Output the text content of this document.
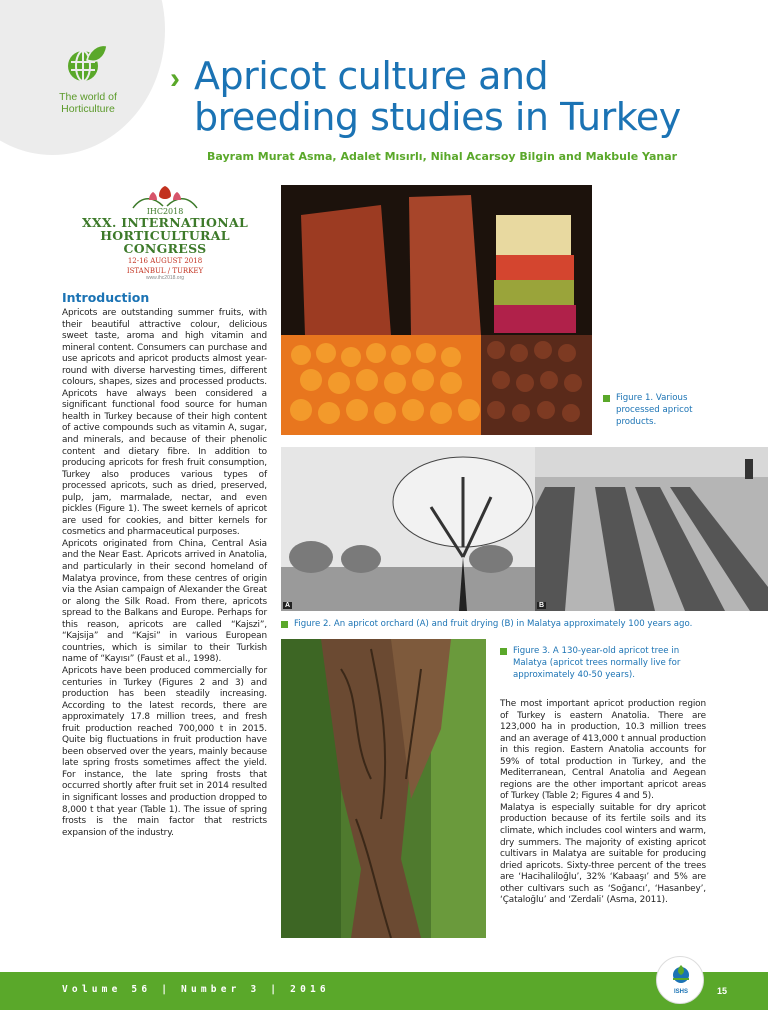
The world of Horticulture
› Apricot culture and
breeding studies in Turkey
Bayram Murat Asma, Adalet Mısırlı, Nihal Acarsoy Bilgin and Makbule Yanar
IHC2018
XXX. INTERNATIONAL
HORTICULTURAL CONGRESS
12-16 AUGUST 2018
ISTANBUL / TURKEY
www.ihc2018.org
Introduction

Apricots are outstanding summer fruits, with their beautiful attractive colour, delicious sweet taste, aroma and high vitamin and mineral content. Consumers can purchase and use apricots and apricot products almost year-round with diverse harvesting times, different colours, shapes, sizes and processed products. Apricots have always been considered a significant functional food source for human health in Turkey because of their high content of active compounds such as vitamin A, sugar, and minerals, and because of their phenolic content and dietary fibre. In addition to producing apricots for fresh fruit consumption, Turkey also produces various types of processed apricots, such as dried, preserved, pulp, jam, marmalade, nectar, and even pickles (Figure 1). The sweet kernels of apricot are used for cookies, and bitter kernels for cosmetics and pharmaceutical purposes.

Apricots originated from China, Central Asia and the Near East. Apricots arrived in Anatolia, and particularly in their second homeland of Malatya province, from these centres of origin via the Asian campaign of Alexander the Great or along the Silk Road. From there, apricots spread to the Balkans and Europe. Perhaps for this reason, apricots are called “Kajszi”, “Kajsija” and “Kajsi” in various European countries, which is similar to their Turkish name of “Kayısı” (Faust et al., 1998).

Apricots have been produced commercially for centuries in Turkey (Figures 2 and 3) and production has been steadily increasing. According to the latest records, there are approximately 17.8 million trees, and fresh fruit production reached 700,000 t in 2015. Quite big fluctuations in fruit production have been observed over the years, mainly because late spring frosts sometimes affect the yield. For instance, the late spring frosts that occurred shortly after fruit set in 2014 resulted in significant losses and production dropped to 8,000 t that year (Table 1). The issue of spring frosts is the main factor that restricts expansion of the industry.

Figure 1. Various processed apricot products.
A	B
Figure 2. An apricot orchard (A) and fruit drying (B) in Malatya approximately 100 years ago.
Figure 3. A 130-year-old apricot tree in Malatya (apricot trees normally live for approximately 40-50 years).

The most important apricot production region of Turkey is eastern Anatolia. There are 123,000 ha in production, 10.3 million trees and an average of 413,000 t annual production in this region. Eastern Anatolia accounts for 59% of total production in Turkey, and the Mediterranean, Central Anatolia and Aegean regions are the other important apricot areas of Turkey (Table 2; Figures 4 and 5).

Malatya is especially suitable for dry apricot production because of its fertile soils and its climate, which includes cool winters and warm, dry summers. The majority of existing apricot cultivars in Malatya are suitable for producing dried apricots. Sixty-three percent of the trees are ‘Hacihaliloğlu’, 32% ‘Kabaaşı’ and 5% are other cultivars such as ‘Soğancı’, ‘Hasanbey’, ‘Çataloğlu’ and ‘Zerdali’ (Asma, 2011).

Volume 56 | Number 3 | 2016	ISHS	15
